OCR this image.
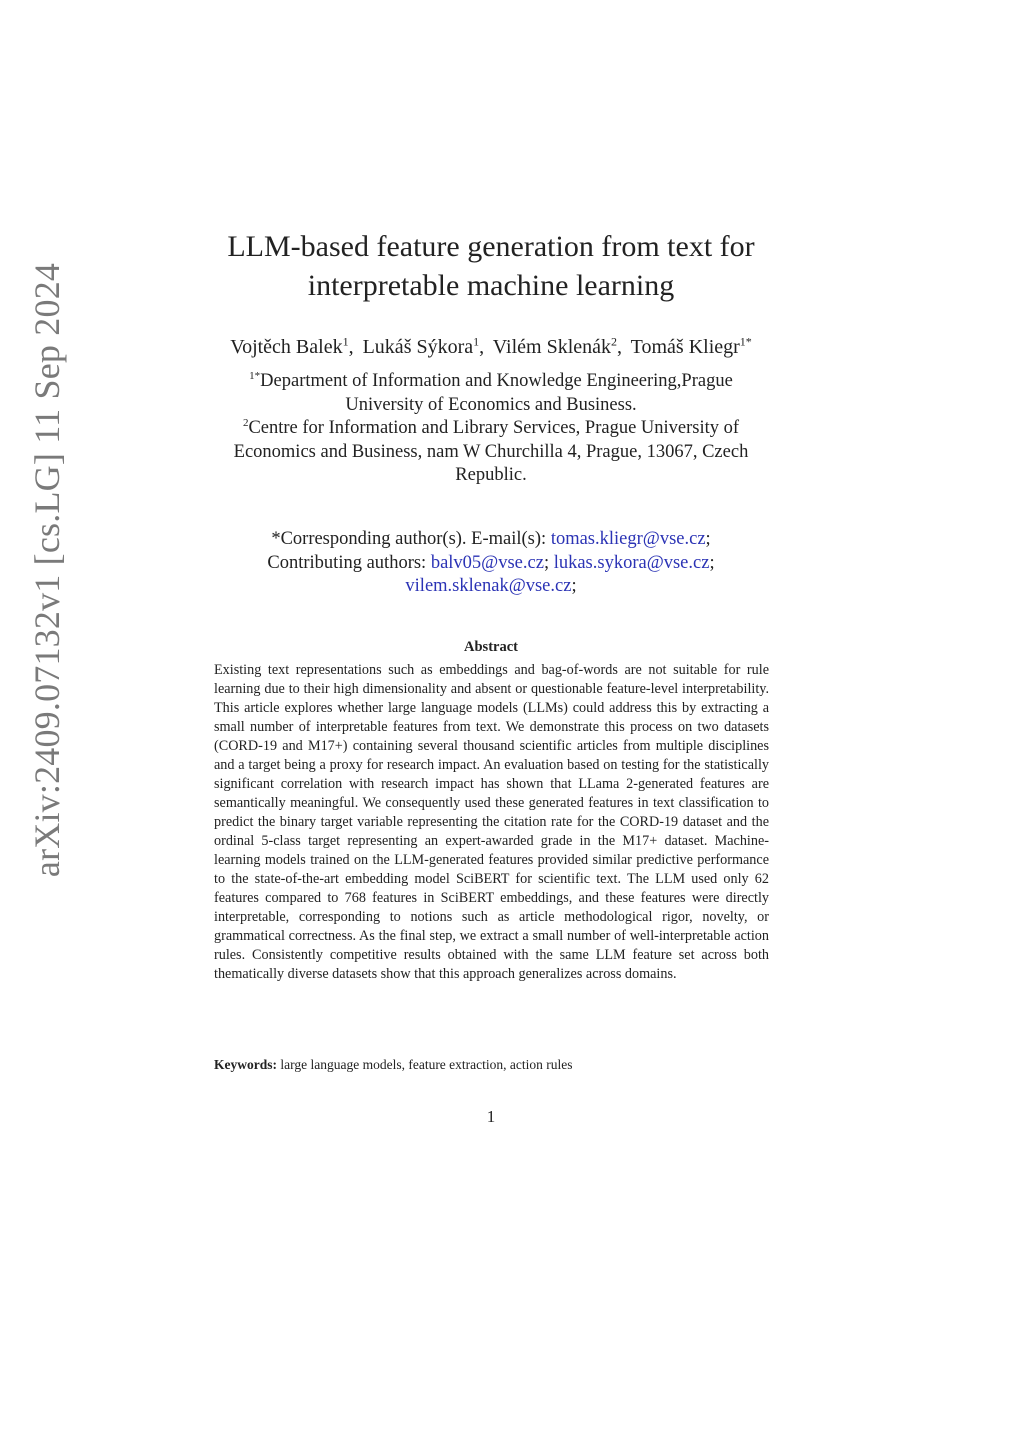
arXiv:2409.07132v1 [cs.LG] 11 Sep 2024
LLM-based feature generation from text for
interpretable machine learning
Vojtěch Balek$^1$, Lukáš Sýkora$^1$, Vilém Sklenák$^2$, Tomáš Kliegr$^{1*}$
$^{1*}$Department of Information and Knowledge Engineering,Prague
University of Economics and Business.
$^2$Centre for Information and Library Services, Prague University of
Economics and Business, nam W Churchilla 4, Prague, 13067, Czech
Republic.
*Corresponding author(s). E-mail(s): tomas.kliegr@vse.cz;
Contributing authors: balv05@vse.cz; lukas.sykora@vse.cz;
vilem.sklenak@vse.cz;
Abstract
Existing text representations such as embeddings and bag-of-words are not suitable for rule learning due to their high dimensionality and absent or questionable feature-level interpretability. This article explores whether large language models (LLMs) could address this by extracting a small number of interpretable features from text. We demonstrate this process on two datasets (CORD-19 and M17+) containing several thousand scientific articles from multiple disciplines and a target being a proxy for research impact. An evaluation based on testing for the statistically significant correlation with research impact has shown that LLama 2-generated features are semantically meaningful. We consequently used these generated features in text classification to predict the binary target variable representing the citation rate for the CORD-19 dataset and the ordinal 5-class target representing an expert-awarded grade in the M17+ dataset. Machine-learning models trained on the LLM-generated features provided similar predictive performance to the state-of-the-art embedding model SciBERT for scientific text. The LLM used only 62 features compared to 768 features in SciBERT embeddings, and these features were directly interpretable, corresponding to notions such as article methodological rigor, novelty, or grammatical correctness. As the final step, we extract a small number of well-interpretable action rules. Consistently competitive results obtained with the same LLM feature set across both thematically diverse datasets show that this approach generalizes across domains.
Keywords: large language models, feature extraction, action rules
1
